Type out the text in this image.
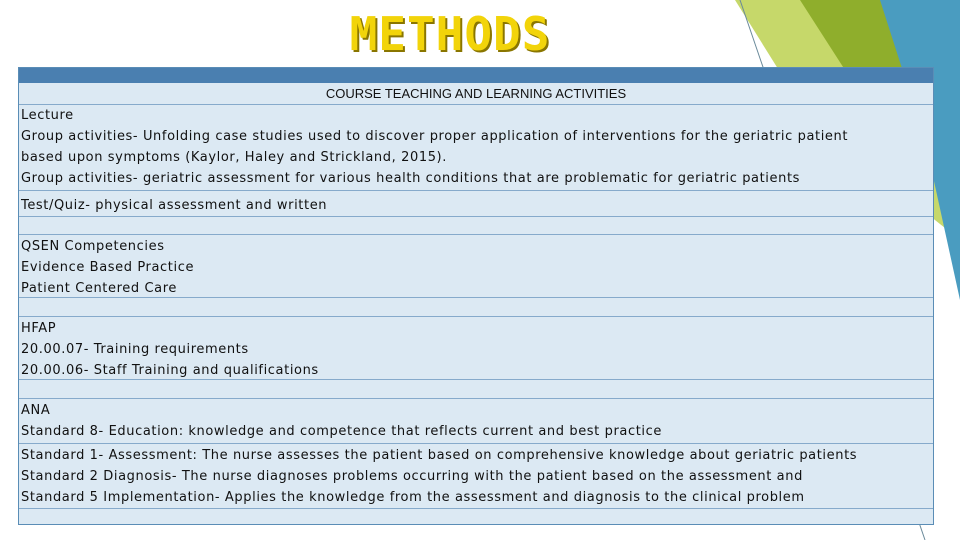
METHODS
COURSE TEACHING AND LEARNING ACTIVITIES
Lecture
Group activities- Unfolding case studies used to discover proper application of interventions for the geriatric patient
based upon symptoms (Kaylor, Haley and Strickland, 2015).
Group activities- geriatric assessment for various health conditions that are problematic for geriatric patients
Test/Quiz- physical assessment and written
QSEN Competencies
Evidence Based Practice
Patient Centered Care
HFAP
20.00.07- Training requirements
20.00.06- Staff Training and qualifications
ANA
Standard 8- Education: knowledge and competence that reflects current and best practice
Standard 1- Assessment: The nurse assesses the patient based on comprehensive knowledge about geriatric patients
Standard 2 Diagnosis- The nurse diagnoses problems occurring with the patient based on the assessment and
Standard 5 Implementation- Applies the knowledge from the assessment and diagnosis to the clinical problem
